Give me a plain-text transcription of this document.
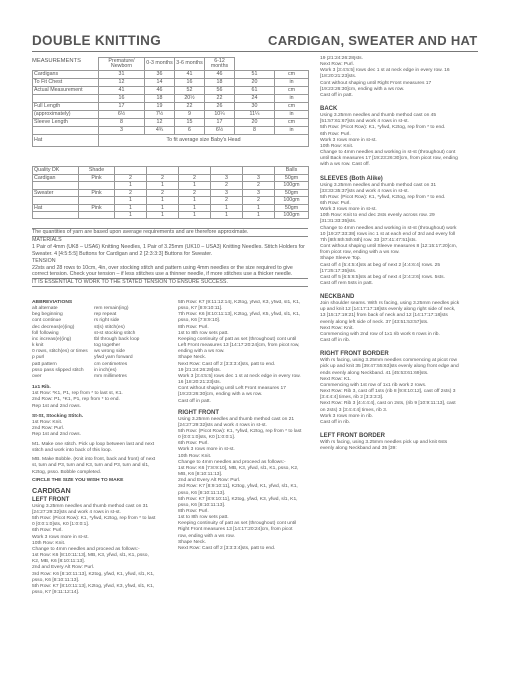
DOUBLE KNITTING	CARDIGAN, SWEATER AND HAT
MEASUREMENTS
		Premature/ Newborn	0-3 months	3-6 months	6-12 months		
Cardigans	31	36	41	46	51	cm
To Fit Chest	12	14	16	18	20	in
Actual Measurement	41	46	52	56	61	cm
	16	18	20½	22	24	in
Full Length	17	19	22	26	30	cm
(approximately)	6½	7½	9	10¼	11¼	in
Sleeve Length	8	12	15	17	20	cm
	3	4¾	6	6½	8	in
Hat	To fit average size Baby's Head					
Quality DK	Shade						Balls
Cardigan	Pink	2	2	2	3	3	50gm
		1	1	1	2	2	100gm
Sweater	Pink	2	2	2	3	3	50gm
		1	1	1	2	2	100gm
Hat	Pink	1	1	1	1	1	50gm
		1	1	1	1	1	100gm
The quantities of yarn are based upon average requirements and are therefore approximate.
MATERIALS
1 Pair of 4mm (UK8 – USA6) Knitting Needles, 1 Pair of 3.25mm (UK10 – USA3) Knitting Needles. Stitch Holders for Sweater. 4 [4:5:5:5] Buttons for Cardigan and 2 [2:3:3:3] Buttons for Sweater.
TENSION
22sts and 28 rows to 10cm, 4in, over stocking stitch and pattern using 4mm needles or the size required to give correct tension. Check your tension – if less stitches use a thinner needle, if more stitches use a thicker needle.
IT IS ESSENTIAL TO WORK TO THE STATED TENSION TO ENSURE SUCCESS.
ABBREVIATIONS
alt alternate	rem remain(ing)
beg beginning	rep repeat
cont continue	rs right side
dec decreas(e)(ing)	st(s) stitch(es)
foll following	st-st stocking stitch
inc increas(e)(ing)	tbl through back loop
k knit	tog together
0 rows, stitch(es) or times	ws wrong side
p purl	yfwd yarn forward
patt pattern	cm centimetres
psso pass slipped stitch	in inch(es)
over	mm millimetres
1x1 Rib.
1st Row: *K1, P1, rep from * to last st, K1.
2nd Row: P1, *K1, P1, rep from * to end.
Rep 1st and 2nd rows.
St-St, Stocking Stitch.
1st Row: Knit.
2nd Row: Purl.
Rep 1st and 2nd rows.
M1. Make one stitch. Pick up loop between last and next stitch and work into back of this loop.
MB. Make Bobble. (Knit into front, back and front) of next st, turn and P3, turn and K3, turn and P3, turn and sl1, K2tog, psso. Bobble completed.
CIRCLE THE SIZE YOU WISH TO MAKE
CARDIGAN
LEFT FRONT
Using 3.25mm needles and thumb method cast on 31 [24:27:29:32]sts and work 4 rows in st-st.
5th Row: (Picot Row): K1, *yfwd, K2tog, rep from * to last 0 [0:0:1:0]sts, K0 [1:0:0:1].
6th Row: Purl.
Work 3 rows more in st-st.
10th Row: Knit.
Change to 4mm needles and proceed as follows:-
1st Row: K6 [8:10:11:13], MB, K3, yfwd, sl1, K1, psso, K2, MB, K6 [8:10:11:13].
2nd and Every Alt Row: Purl.
3rd Row: K6 [8:10:11:13], K2tog, yfwd, K1, yfwd, sl1, K1, psso, K6 [8:10:11:13].
5th Row: K7 [8:10:11:13], K2tog, yfwd, K3, yfwd, sl1, K1, psso, K7 [9:11:12:14].
5th Row: K7 [9:11:12:14], K2tog, yfwd, K3, yfwd, sl1, K1, psso, K7 [8:9:10:11].
7th Row: K6 [8:10:11:13], K2tog, yfwd, K5, yfwd, sl1, K1, psso, K6 [7:8:9:10].
8th Row: Purl.
1st to 8th row sets patt.
Keeping continuity of patt as set (throughout) cont until Left Front measures 13 [14:17:20:24]cm, from picot row, ending with a ws row.
Shape Neck.
Next Row: Cast off 2 [3:3:3:4]sts, patt to end.
19 [21:24:26:28]sts.
Work 3 [3:4:5:5] rows dec 1 st at neck edge in every row.
16 [18:20:21:23]sts.
Cont without shaping until Left Front measures 17 [19:23:26:30]cm, ending with a ws row.
Cast off in patt.
RIGHT FRONT
Using 3.25mm needles and thumb method cast on 21 [24:27:29:32]sts and work 4 rows in st-st.
5th Row: (Picot Row): K1, *yfwd, K2tog, rep from * to last 0 [0:0:1:0]sts, K0 [1:0:0:1].
6th Row: Purl.
Work 3 rows more in st-st.
10th Row: Knit.
Change to 4mm needles and proceed as follows:-
1st Row: K6 [7:8:9:10], MB, K3, yfwd, sl1, K1, psso, K2, MB, K6 [8:10:11:13].
2nd and Every Alt Row: Purl.
3rd Row: K7 [8:9:10:11], K2tog, yfwd, K1, yfwd, sl1, K1, psso, K6 [8:10:11:13].
5th Row: K7 [8:9:10:11], K2tog, yfwd, K3, yfwd, sl1, K1, psso, K6 [8:10:11:13].
8th Row: Purl.
1st to 8th row sets patt.
Keeping continuity of patt as set (throughout) cont until Right Front measures 13 [14:17:20:24]cm, from picot row, ending with a ws row.
Shape Neck.
Next Row: Cast off 2 [3:3:3:4]sts, patt to end.
19 [21:24:26:28]sts.
Next Row: Purl.
Work 3 [3:4:5:5] rows dec 1 st at neck edge in every row. 16 [18:20:21:23]sts.
Cont without shaping until Right Front measures 17 [19:23:26:30]cm, ending with a ws row.
Cast off in patt.
BACK
Using 3.25mm needles and thumb method cast on 45 [51:57:61:67]sts and work 4 rows in st-st.
5th Row: (Picot Row): K1, *yfwd, K2tog, rep from * to end.
6th Row: Purl.
Work 3 rows more in st-st.
10th Row: Knit.
Change to 4mm needles and working in st-st (throughout) cont until Back measures 17 [19:23:26:30]cm, from picot row, ending with a ws row. Cast off.
SLEEVES (Both Alike)
Using 3.25mm needles and thumb method cast on 31 [33:33:35:37]sts and work 4 rows in st-st.
5th Row: (Picot Row): K1, *yfwd, K2tog, rep from * to end.
6th Row: Purl.
Work 3 rows more in st-st.
10th Row: Knit to end dec 2sts evenly across row. 29 [31:31:33:35]sts.
Change to 4mm needles and working in st-st (throughout) work 10 [19:27:33:38] rows inc 1 st at each end of 3rd and every foll 7th [8th:6th:5th:6th] row. 33 [37:41:47:51]sts.
Cont without shaping until Sleeve measures 8 [12:15:17:20]cm, from picot row, ending with a ws row.
Shape Sleeve Top.
Cast off 4 [5:4:5:4]sts at beg of next 2 [4:4:6:4] rows. 25 [17:25:17:35]sts.
Cast off 5 [6:5:6:5]sts at beg of next 4 [2:4:2:6] rows. 5sts.
Cast off rem 5sts in patt.
NECKBAND
Join shoulder seams. With rs facing, using 3.25mm needles pick up and knit 12 [14:17:17:18]sts evenly along right side of neck, 13 [15:17:19:21] from back of neck and 12 [14:17:17:18]sts evenly along left side of neck. 37 [43:51:53:57]sts.
Next Row: Knit.
Commencing with 2nd row of 1x1 rib work 6 rows in rib.
Cast off in rib.
RIGHT FRONT BORDER
With rs facing, using 3.25mm needles commencing at picot row pick up and knit 35 [39:47:55:63]sts evenly along front edge and ends evenly along Neckband. 41 [45:53:61:69]sts.
Next Row: K1.
Commencing with 1st row of 1x1 rib work 2 rows.
Next Row: Rib 3, cast off 1sts (rib 8 [9:8:10:12], cast off 2sts) 3 [3:4:4:4] times, rib 2 [3:3:3:3].
Next Row: Rib 3 [4:4:4:4], cast on 2sts, (rib 9 [10:9:11:13], cast on 2sts) 3 [3:4:4:4] times, rib 3.
Work 3 rows more in rib.
Cast off in rib.
LEFT FRONT BORDER
With rs facing, using 3.25mm needles pick up and knit 6sts evenly along Neckband and 35 [39:
